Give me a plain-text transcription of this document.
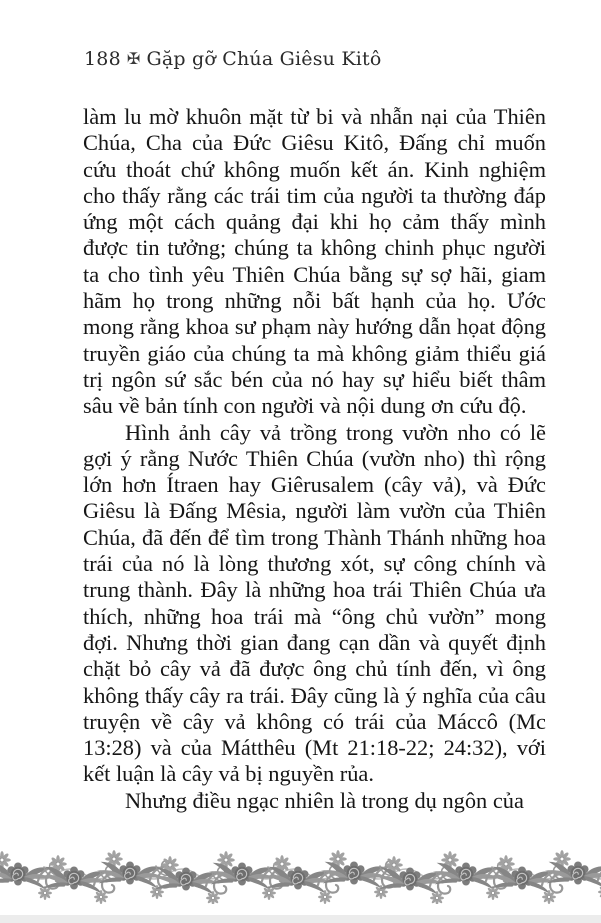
188 ✠ Gặp gỡ Chúa Giêsu Kitô

làm lu mờ khuôn mặt từ bi và nhẫn nại của Thiên Chúa, Cha của Đức Giêsu Kitô, Đấng chỉ muốn cứu thoát chứ không muốn kết án. Kinh nghiệm cho thấy rằng các trái tim của người ta thường đáp ứng một cách quảng đại khi họ cảm thấy mình được tin tưởng; chúng ta không chinh phục người ta cho tình yêu Thiên Chúa bằng sự sợ hãi, giam hãm họ trong những nỗi bất hạnh của họ. Ước mong rằng khoa sư phạm này hướng dẫn họat động truyền giáo của chúng ta mà không giảm thiểu giá trị ngôn sứ sắc bén của nó hay sự hiểu biết thâm sâu về bản tính con người và nội dung ơn cứu độ.

Hình ảnh cây vả trồng trong vườn nho có lẽ gợi ý rằng Nước Thiên Chúa (vườn nho) thì rộng lớn hơn Ítraen hay Giêrusalem (cây vả), và Đức Giêsu là Đấng Mêsia, người làm vườn của Thiên Chúa, đã đến để tìm trong Thành Thánh những hoa trái của nó là lòng thương xót, sự công chính và trung thành. Đây là những hoa trái Thiên Chúa ưa thích, những hoa trái mà “ông chủ vườn” mong đợi. Nhưng thời gian đang cạn dần và quyết định chặt bỏ cây vả đã được ông chủ tính đến, vì ông không thấy cây ra trái. Đây cũng là ý nghĩa của câu truyện về cây vả không có trái của Máccô (Mc 13:28) và của Mátthêu (Mt 21:18-22; 24:32), với kết luận là cây vả bị nguyền rủa.

Nhưng điều ngạc nhiên là trong dụ ngôn của
